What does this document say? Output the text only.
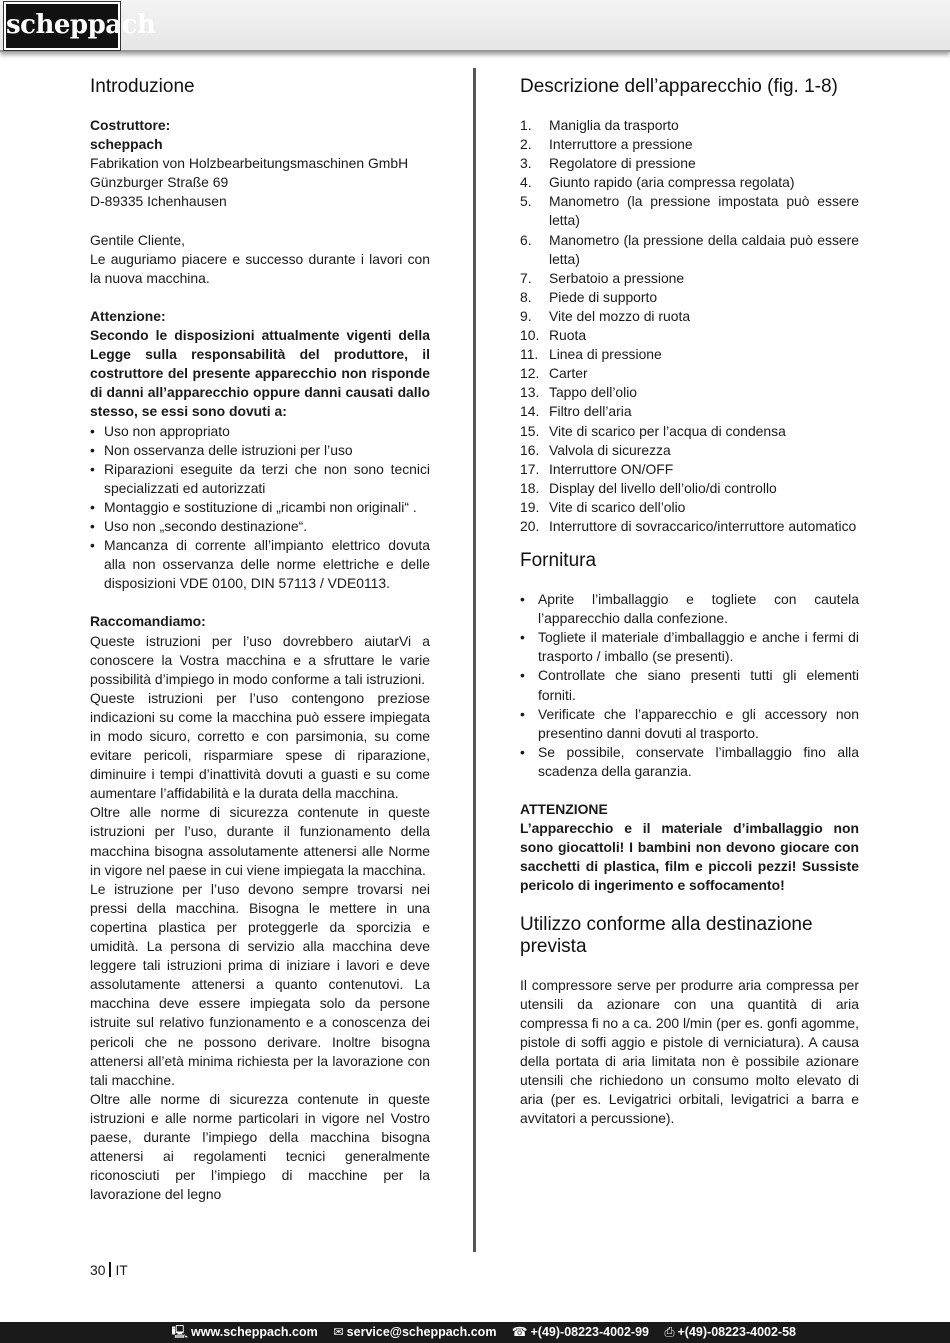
scheppach
Introduzione

Costruttore:

scheppach

Fabrikation von Holzbearbeitungsmaschinen GmbH

Günzburger Straße 69

D-89335 Ichenhausen

Gentile Cliente,

Le auguriamo piacere e successo durante i lavori con la nuova macchina.

Attenzione:

Secondo le disposizioni attualmente vigenti della Legge sulla responsabilità del produttore, il costruttore del presente apparecchio non risponde di danni all’apparecchio oppure danni causati dallo stesso, se essi sono dovuti a:

• Uso non appropriato
• Non osservanza delle istruzioni per l’uso
• Riparazioni eseguite da terzi che non sono tecnici specializzati ed autorizzati
• Montaggio e sostituzione di „ricambi non originali“ .
• Uso non „secondo destinazione“.
• Mancanza di corrente all’impianto elettrico dovuta alla non osservanza delle norme elettriche e delle disposizioni VDE 0100, DIN 57113 / VDE0113.

Raccomandiamo:

Queste istruzioni per l’uso dovrebbero aiutarVi a conoscere la Vostra macchina e a sfruttare le varie possibilità d’impiego in modo conforme a tali istruzioni.

Queste istruzioni per l’uso contengono preziose indicazioni su come la macchina può essere impiegata in modo sicuro, corretto e con parsimonia, su come evitare pericoli, risparmiare spese di riparazione, diminuire i tempi d’inattività dovuti a guasti e su come aumentare l’affidabilità e la durata della macchina.

Oltre alle norme di sicurezza contenute in queste istruzioni per l’uso, durante il funzionamento della macchina bisogna assolutamente attenersi alle Norme in vigore nel paese in cui viene impiegata la macchina.

Le istruzione per l’uso devono sempre trovarsi nei pressi della macchina. Bisogna le mettere in una copertina plastica per proteggerle da sporcizia e umidità. La persona di servizio alla macchina deve leggere tali istruzioni prima di iniziare i lavori e deve assolutamente attenersi a quanto contenutovi. La macchina deve essere impiegata solo da persone istruite sul relativo funzionamento e a conoscenza dei pericoli che ne possono derivare. Inoltre bisogna attenersi all’età minima richiesta per la lavorazione con tali macchine.

Oltre alle norme di sicurezza contenute in queste istruzioni e alle norme particolari in vigore nel Vostro paese, durante l’impiego della macchina bisogna attenersi ai regolamenti tecnici generalmente riconosciuti per l’impiego di macchine per la lavorazione del legno

Descrizione dell’apparecchio (fig. 1-8)
1. Maniglia da trasporto
2. Interruttore a pressione
3. Regolatore di pressione
4. Giunto rapido (aria compressa regolata)
5. Manometro (la pressione impostata può essere letta)
6. Manometro (la pressione della caldaia può essere letta)
7. Serbatoio a pressione
8. Piede di supporto
9. Vite del mozzo di ruota
10. Ruota
11. Linea di pressione
12. Carter
13. Tappo dell’olio
14. Filtro dell’aria
15. Vite di scarico per l’acqua di condensa
16. Valvola di sicurezza
17. Interruttore ON/OFF
18. Display del livello dell’olio/di controllo
19. Vite di scarico dell’olio
20. Interruttore di sovraccarico/interruttore automatico
Fornitura
• Aprite l’imballaggio e togliete con cautela l’apparecchio dalla confezione.
• Togliete il materiale d’imballaggio e anche i fermi di trasporto / imballo (se presenti).
• Controllate che siano presenti tutti gli elementi forniti.
• Verificate che l’apparecchio e gli accessory non presentino danni dovuti al trasporto.
• Se possibile, conservate l’imballaggio fino alla scadenza della garanzia.

ATTENZIONE

L’apparecchio e il materiale d’imballaggio non sono giocattoli! I bambini non devono giocare con sacchetti di plastica, film e piccoli pezzi! Sussiste pericolo di ingerimento e soffocamento!

Utilizzo conforme alla destinazione prevista

Il compressore serve per produrre aria compressa per utensili da azionare con una quantità di aria compressa fi no a ca. 200 l/min (per es. gonfi agomme, pistole di soffi aggio e pistole di verniciatura). A causa della portata di aria limitata non è possibile azionare utensili che richiedono un consumo molto elevato di aria (per es. Levigatrici orbitali, levigatrici a barra e avvitatori a percussione).

30 IT
🖳 www.scheppach.com ✉ service@scheppach.com ☎ +(49)-08223-4002-99 ⎙ +(49)-08223-4002-58
